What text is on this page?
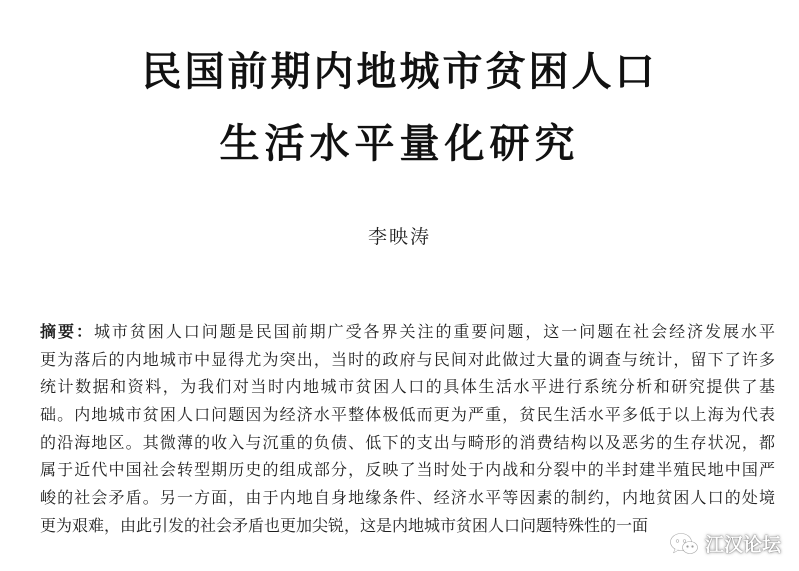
民国前期内地城市贫困人口
生活水平量化研究
李映涛
摘要：城市贫困人口问题是民国前期广受各界关注的重要问题，这一问题在社会经济发展水平
更为落后的内地城市中显得尤为突出，当时的政府与民间对此做过大量的调查与统计，留下了许多
统计数据和资料，为我们对当时内地城市贫困人口的具体生活水平进行系统分析和研究提供了基
础。内地城市贫困人口问题因为经济水平整体极低而更为严重，贫民生活水平多低于以上海为代表
的沿海地区。其微薄的收入与沉重的负债、低下的支出与畸形的消费结构以及恶劣的生存状况，都
属于近代中国社会转型期历史的组成部分，反映了当时处于内战和分裂中的半封建半殖民地中国严
峻的社会矛盾。另一方面，由于内地自身地缘条件、经济水平等因素的制约，内地贫困人口的处境
更为艰难，由此引发的社会矛盾也更加尖锐，这是内地城市贫困人口问题特殊性的一面
江汉论坛
